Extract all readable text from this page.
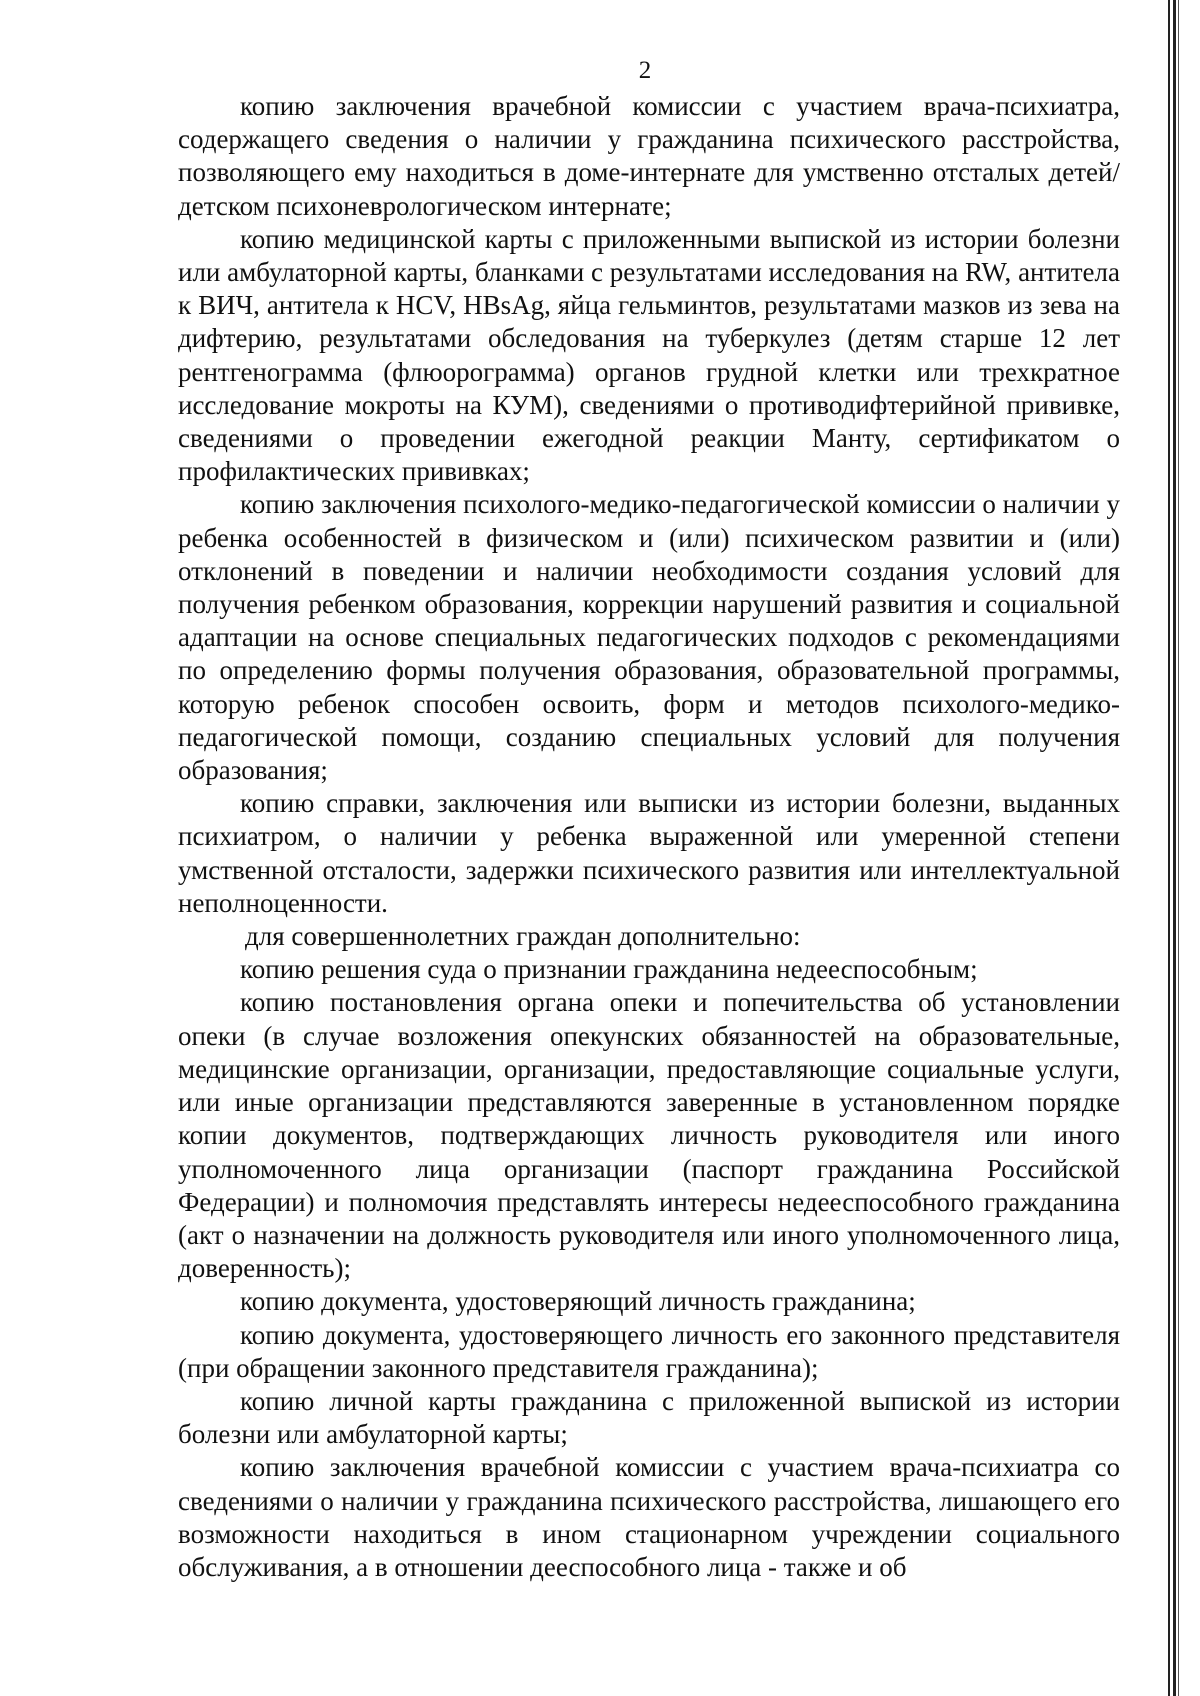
2

копию заключения врачебной комиссии с участием врача-психиатра, содержащего сведения о наличии у гражданина психического расстройства, позволяющего ему находиться в доме-интернате для умственно отсталых детей/детском психоневрологическом интернате;

копию медицинской карты с приложенными выпиской из истории болезни или амбулаторной карты, бланками с результатами исследования на RW, антитела к ВИЧ, антитела к HCV, HBsAg, яйца гельминтов, результатами мазков из зева на дифтерию, результатами обследования на туберкулез (детям старше 12 лет рентгенограмма (флюорограмма) органов грудной клетки или трехкратное исследование мокроты на КУМ), сведениями о противодифтерийной прививке, сведениями о проведении ежегодной реакции Манту, сертификатом о профилактических прививках;

копию заключения психолого-медико-педагогической комиссии о наличии у ребенка особенностей в физическом и (или) психическом развитии и (или) отклонений в поведении и наличии необходимости создания условий для получения ребенком образования, коррекции нарушений развития и социальной адаптации на основе специальных педагогических подходов с рекомендациями по определению формы получения образования, образовательной программы, которую ребенок способен освоить, форм и методов психолого-медико-педагогической помощи, созданию специальных условий для получения образования;

копию справки, заключения или выписки из истории болезни, выданных психиатром, о наличии у ребенка выраженной или умеренной степени умственной отсталости, задержки психического развития или интеллектуальной неполноценности.

для совершеннолетних граждан дополнительно:

копию решения суда о признании гражданина недееспособным;

копию постановления органа опеки и попечительства об установлении опеки (в случае возложения опекунских обязанностей на образовательные, медицинские организации, организации, предоставляющие социальные услуги, или иные организации представляются заверенные в установленном порядке копии документов, подтверждающих личность руководителя или иного уполномоченного лица организации (паспорт гражданина Российской Федерации) и полномочия представлять интересы недееспособного гражданина (акт о назначении на должность руководителя или иного уполномоченного лица, доверенность);

копию документа, удостоверяющий личность гражданина;

копию документа, удостоверяющего личность его законного представителя (при обращении законного представителя гражданина);

копию личной карты гражданина с приложенной выпиской из истории болезни или амбулаторной карты;

копию заключения врачебной комиссии с участием врача-психиатра со сведениями о наличии у гражданина психического расстройства, лишающего его возможности находиться в ином стационарном учреждении социального обслуживания, а в отношении дееспособного лица - также и об
